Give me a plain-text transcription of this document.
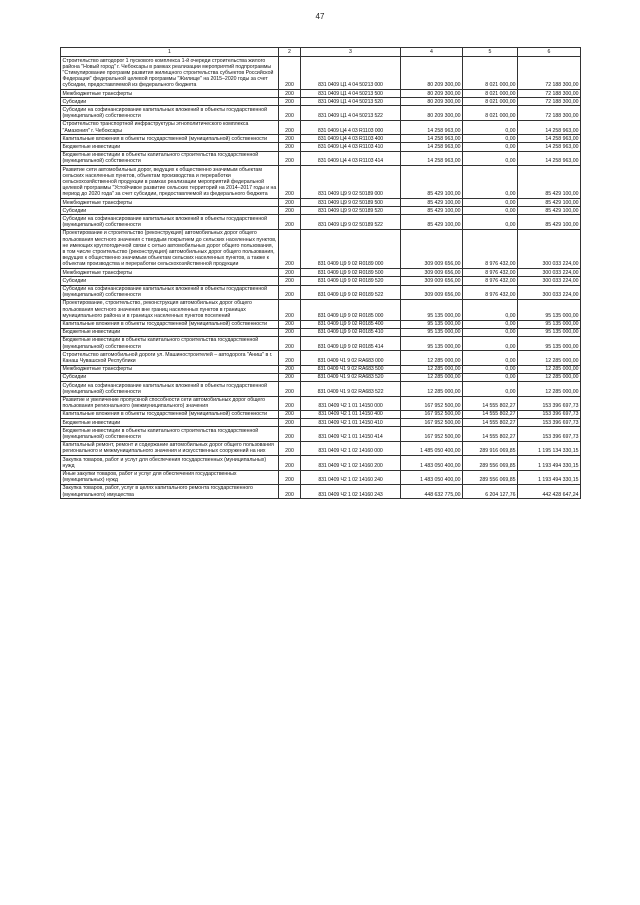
47
1	2	3	4	5	6
Строительство автодорог 1 пускового комплекса 1-й очереди строительства жилого района "Новый город" г. Чебоксары в рамках реализации мероприятий подпрограммы "Стимулирование программ развития жилищного строительства субъектов Российской Федерации" федеральной целевой программы "Жилище" на 2015–2020 годы за счет субсидии, предоставляемой из федерального бюджета	200	831 0409 Ц1 4 04 50213 000	80 209 300,00	8 021 000,00	72 188 300,00
Межбюджетные трансферты	200	831 0409 Ц1 4 04 50213 500	80 209 300,00	8 021 000,00	72 188 300,00
Субсидии	200	831 0409 Ц1 4 04 50213 520	80 209 300,00	8 021 000,00	72 188 300,00
Субсидии на софинансирование капитальных вложений в объекты государственной (муниципальной) собственности	200	831 0409 Ц1 4 04 50213 522	80 209 300,00	8 021 000,00	72 188 300,00
Строительство транспортной инфраструктуры этнополитического комплекса "Амазония" г. Чебоксары	200	831 0409 Ц4 4 03 R1103 000	14 258 963,00	0,00	14 258 963,00
Капитальные вложения в объекты государственной (муниципальной) собственности	200	831 0409 Ц4 4 03 R1103 400	14 258 963,00	0,00	14 258 963,00
Бюджетные инвестиции	200	831 0409 Ц4 4 03 R1103 410	14 258 963,00	0,00	14 258 963,00
Бюджетные инвестиции в объекты капитального строительства государственной (муниципальной) собственности	200	831 0409 Ц4 4 03 R1103 414	14 258 963,00	0,00	14 258 963,00
Развитие сети автомобильных дорог, ведущих к общественно значимым объектам сельских населенных пунктов, объектам производства и переработки сельскохозяйственной продукции в рамках реализации мероприятий федеральной целевой программы "Устойчивое развитие сельских территорий на 2014–2017 годы и на период до 2020 года" за счет субсидии, предоставляемой из федерального бюджета	200	831 0409 Ц9 9 02 50189 000	85 429 100,00	0,00	85 429 100,00
Межбюджетные трансферты	200	831 0409 Ц9 9 02 50189 500	85 429 100,00	0,00	85 429 100,00
Субсидии	200	831 0409 Ц9 9 02 50189 520	85 429 100,00	0,00	85 429 100,00
Субсидии на софинансирование капитальных вложений в объекты государственной (муниципальной) собственности	200	831 0409 Ц9 9 02 50189 522	85 429 100,00	0,00	85 429 100,00
Проектирование и строительство (реконструкция) автомобильных дорог общего пользования местного значения с твердым покрытием до сельских населенных пунктов, не имеющих круглогодичной связи с сетью автомобильных дорог общего пользования, в том числе строительство (реконструкция) автомобильных дорог общего пользования, ведущих к общественно значимым объектам сельских населенных пунктов, а также к объектам производства и переработки сельскохозяйственной продукции	200	831 0409 Ц9 9 02 R0189 000	309 009 656,00	8 976 432,00	300 033 224,00
Межбюджетные трансферты	200	831 0409 Ц9 9 02 R0189 500	309 009 656,00	8 976 432,00	300 033 224,00
Субсидии	200	831 0409 Ц9 9 02 R0189 520	309 009 656,00	8 976 432,00	300 033 224,00
Субсидии на софинансирование капитальных вложений в объекты государственной (муниципальной) собственности	200	831 0409 Ц9 9 02 R0189 522	309 009 656,00	8 976 432,00	300 033 224,00
Проектирование, строительство, реконструкция автомобильных дорог общего пользования местного значения вне границ населенных пунктов в границах муниципального района и в границах населенных пунктов поселений	200	831 0409 Ц9 9 02 R0185 000	95 135 000,00	0,00	95 135 000,00
Капитальные вложения в объекты государственной (муниципальной) собственности	200	831 0409 Ц9 9 02 R0185 400	95 135 000,00	0,00	95 135 000,00
Бюджетные инвестиции	200	831 0409 Ц9 9 02 R0185 410	95 135 000,00	0,00	95 135 000,00
Бюджетные инвестиции в объекты капитального строительства государственной (муниципальной) собственности	200	831 0409 Ц9 9 02 R0185 414	95 135 000,00	0,00	95 135 000,00
Строительство автомобильной дороги ул. Машиностроителей – автодорога "Аниш" в г. Канаш Чувашской Республики	200	831 0409 Ч1 9 02 RA683 000	12 285 000,00	0,00	12 285 000,00
Межбюджетные трансферты	200	831 0409 Ч1 9 02 RA683 500	12 285 000,00	0,00	12 285 000,00
Субсидии	200	831 0409 Ч1 9 02 RA683 520	12 285 000,00	0,00	12 285 000,00
Субсидии на софинансирование капитальных вложений в объекты государственной (муниципальной) собственности	200	831 0409 Ч1 9 02 RA683 522	12 285 000,00	0,00	12 285 000,00
Развитие и увеличение пропускной способности сети автомобильных дорог общего пользования регионального (межмуниципального) значения	200	831 0409 Ч2 1 01 14150 000	167 952 500,00	14 555 802,27	153 396 697,73
Капитальные вложения в объекты государственной (муниципальной) собственности	200	831 0409 Ч2 1 01 14150 400	167 952 500,00	14 555 802,27	153 396 697,73
Бюджетные инвестиции	200	831 0409 Ч2 1 01 14150 410	167 952 500,00	14 555 802,27	153 396 697,73
Бюджетные инвестиции в объекты капитального строительства государственной (муниципальной) собственности	200	831 0409 Ч2 1 01 14150 414	167 952 500,00	14 555 802,27	153 396 697,73
Капитальный ремонт, ремонт и содержание автомобильных дорог общего пользования регионального и межмуниципального значения и искусственных сооружений на них	200	831 0409 Ч2 1 02 14160 000	1 485 050 400,00	289 916 069,85	1 195 134 330,15
Закупка товаров, работ и услуг для обеспечения государственных (муниципальных) нужд	200	831 0409 Ч2 1 02 14160 200	1 483 050 400,00	289 556 069,85	1 193 494 330,15
Иные закупки товаров, работ и услуг для обеспечения государственных (муниципальных) нужд	200	831 0409 Ч2 1 02 14160 240	1 483 050 400,00	289 556 069,85	1 193 494 330,15
Закупка товаров, работ, услуг в целях капитального ремонта государственного (муниципального) имущества	200	831 0409 Ч2 1 02 14160 243	448 632 775,00	6 204 127,76	442 428 647,24
